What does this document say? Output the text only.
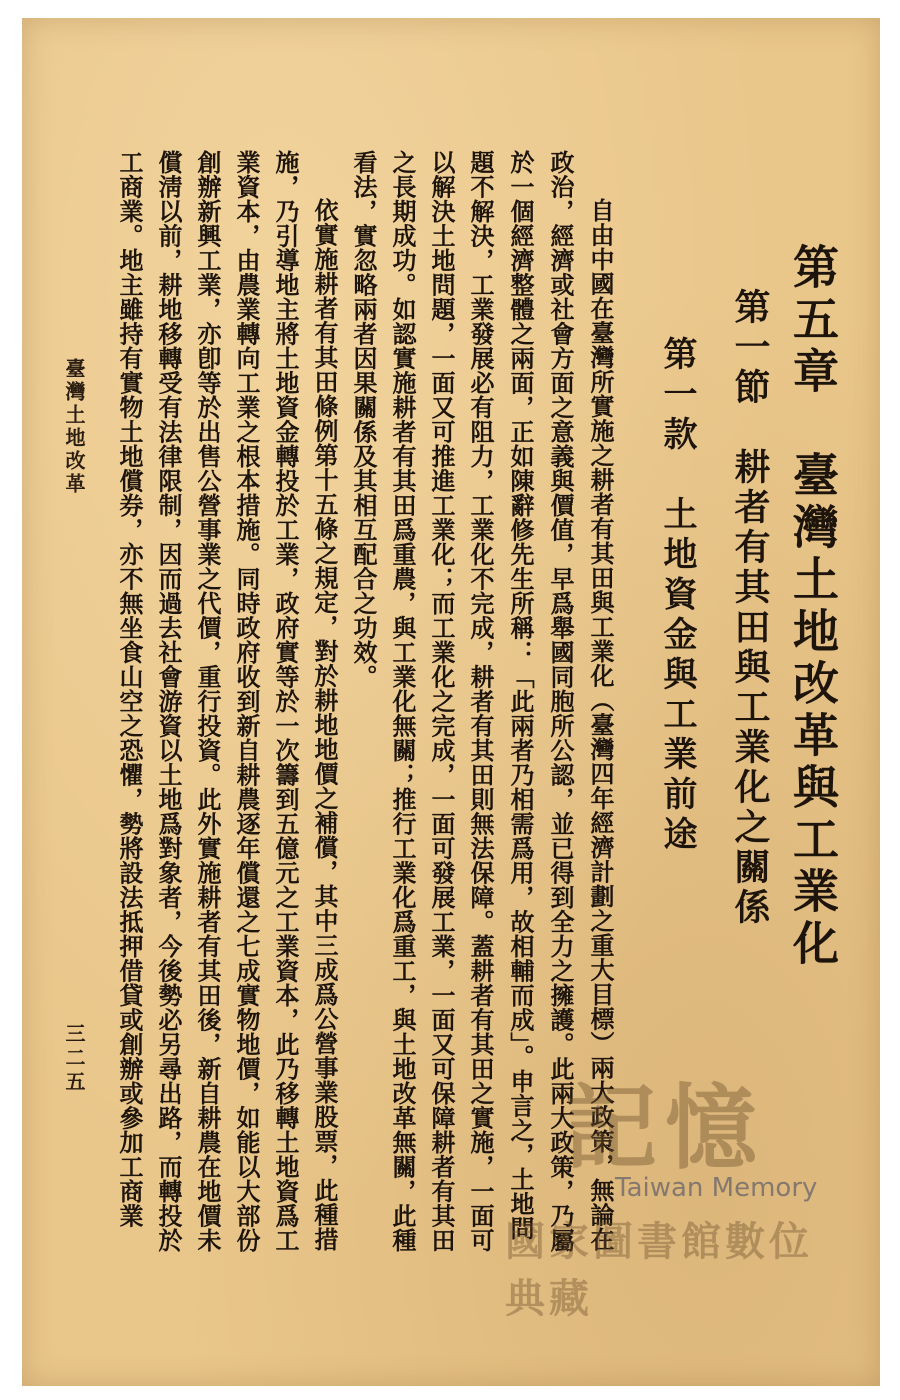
第五章　臺灣土地改革與工業化
第一節　耕者有其田與工業化之關係
第一款　土地資金與工業前途
自由中國在臺灣所實施之耕者有其田與工業化（臺灣四年經濟計劃之重大目標）兩大政策，無論在
政治，經濟或社會方面之意義與價值，早爲舉國同胞所公認，並已得到全力之擁護。此兩大政策，乃屬
於一個經濟整體之兩面，正如陳辭修先生所稱：「此兩者乃相需爲用，故相輔而成」。申言之，土地問
題不解決，工業發展必有阻力，工業化不完成，耕者有其田則無法保障。蓋耕者有其田之實施，一面可
以解決土地問題，一面又可推進工業化；而工業化之完成，一面可發展工業，一面又可保障耕者有其田
之長期成功。如認實施耕者有其田爲重農，與工業化無關；推行工業化爲重工，與土地改革無關，此種
看法，實忽略兩者因果關係及其相互配合之功效。
依實施耕者有其田條例第十五條之規定，對於耕地地價之補償，其中三成爲公營事業股票，此種措
施，乃引導地主將土地資金轉投於工業，政府實等於一次籌到五億元之工業資本，此乃移轉土地資爲工
業資本，由農業轉向工業之根本措施。同時政府收到新自耕農逐年償還之七成實物地價，如能以大部份
創辦新興工業，亦卽等於出售公營事業之代價，重行投資。此外實施耕者有其田後，新自耕農在地價未
償淸以前，耕地移轉受有法律限制，因而過去社會游資以土地爲對象者，今後勢必另尋出路，而轉投於
工商業。地主雖持有實物土地償券，亦不無坐食山空之恐懼，勢將設法抵押借貸或創辦或參加工商業
臺灣土地改革
三二五
記憶
Taiwan Memory
國家圖書館數位典藏
